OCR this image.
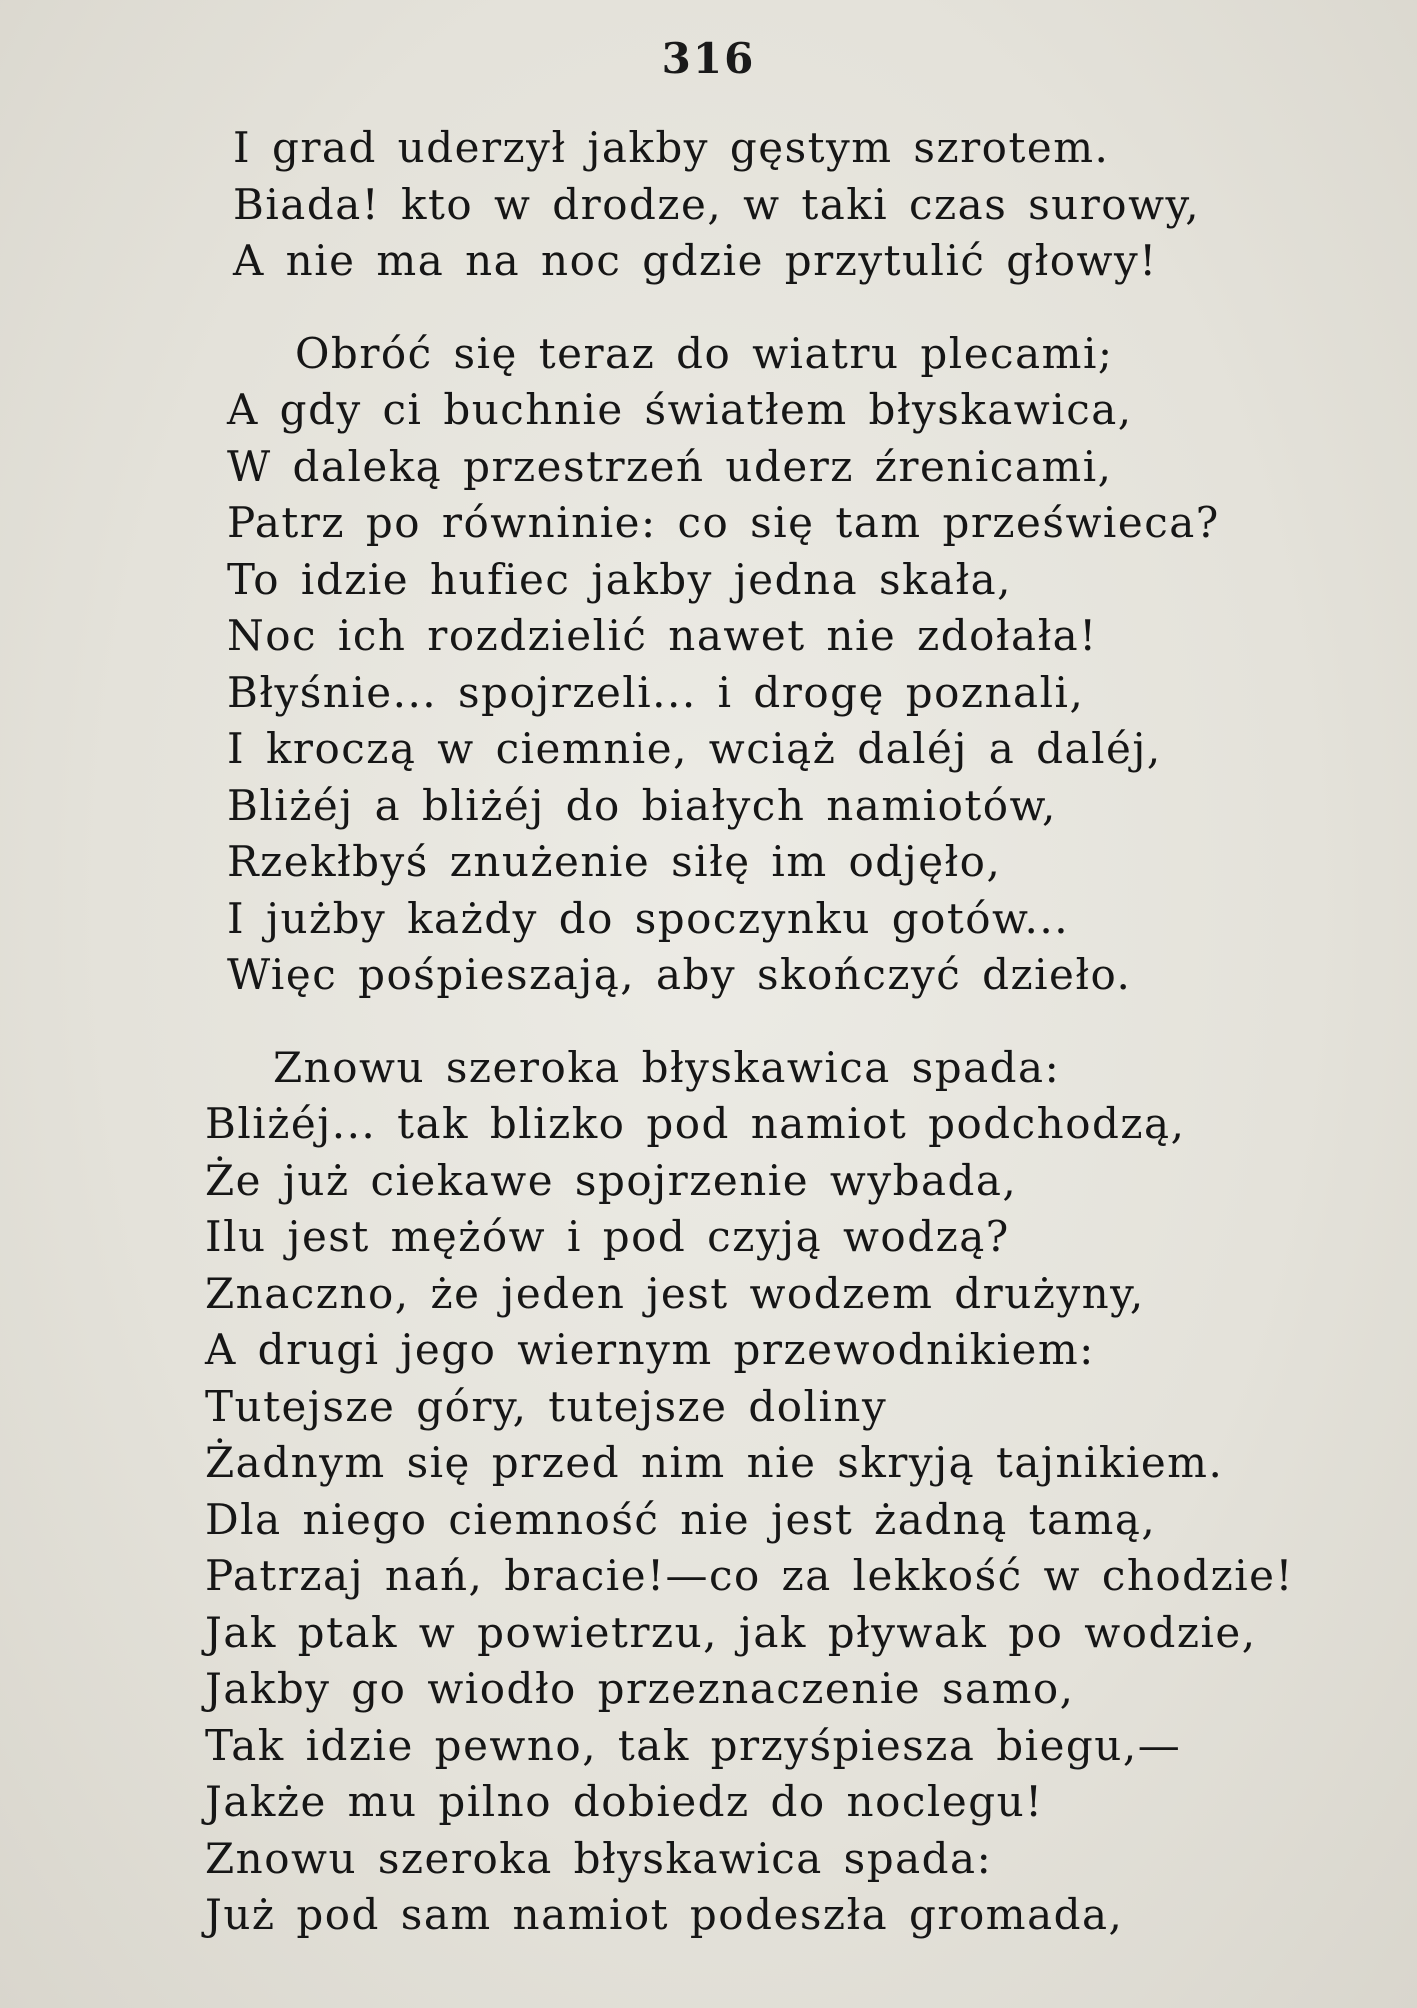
316
I grad uderzył jakby gęstym szrotem.
Biada! kto w drodze, w taki czas surowy,
A nie ma na noc gdzie przytulić głowy!
Obróć się teraz do wiatru plecami;
A gdy ci buchnie światłem błyskawica,
W daleką przestrzeń uderz źrenicami,
Patrz po równinie: co się tam prześwieca?
To idzie hufiec jakby jedna skała,
Noc ich rozdzielić nawet nie zdołała!
Błyśnie... spojrzeli... i drogę poznali,
I kroczą w ciemnie, wciąż daléj a daléj,
Bliżéj a bliżéj do białych namiotów,
Rzekłbyś znużenie siłę im odjęło,
I jużby każdy do spoczynku gotów...
Więc pośpieszają, aby skończyć dzieło.
Znowu szeroka błyskawica spada:
Bliżéj... tak blizko pod namiot podchodzą,
Że już ciekawe spojrzenie wybada,
Ilu jest mężów i pod czyją wodzą?
Znaczno, że jeden jest wodzem drużyny,
A drugi jego wiernym przewodnikiem:
Tutejsze góry, tutejsze doliny
Żadnym się przed nim nie skryją tajnikiem.
Dla niego ciemność nie jest żadną tamą,
Patrzaj nań, bracie!—co za lekkość w chodzie!
Jak ptak w powietrzu, jak pływak po wodzie,
Jakby go wiodło przeznaczenie samo,
Tak idzie pewno, tak przyśpiesza biegu,—
Jakże mu pilno dobiedz do noclegu!
Znowu szeroka błyskawica spada:
Już pod sam namiot podeszła gromada,
